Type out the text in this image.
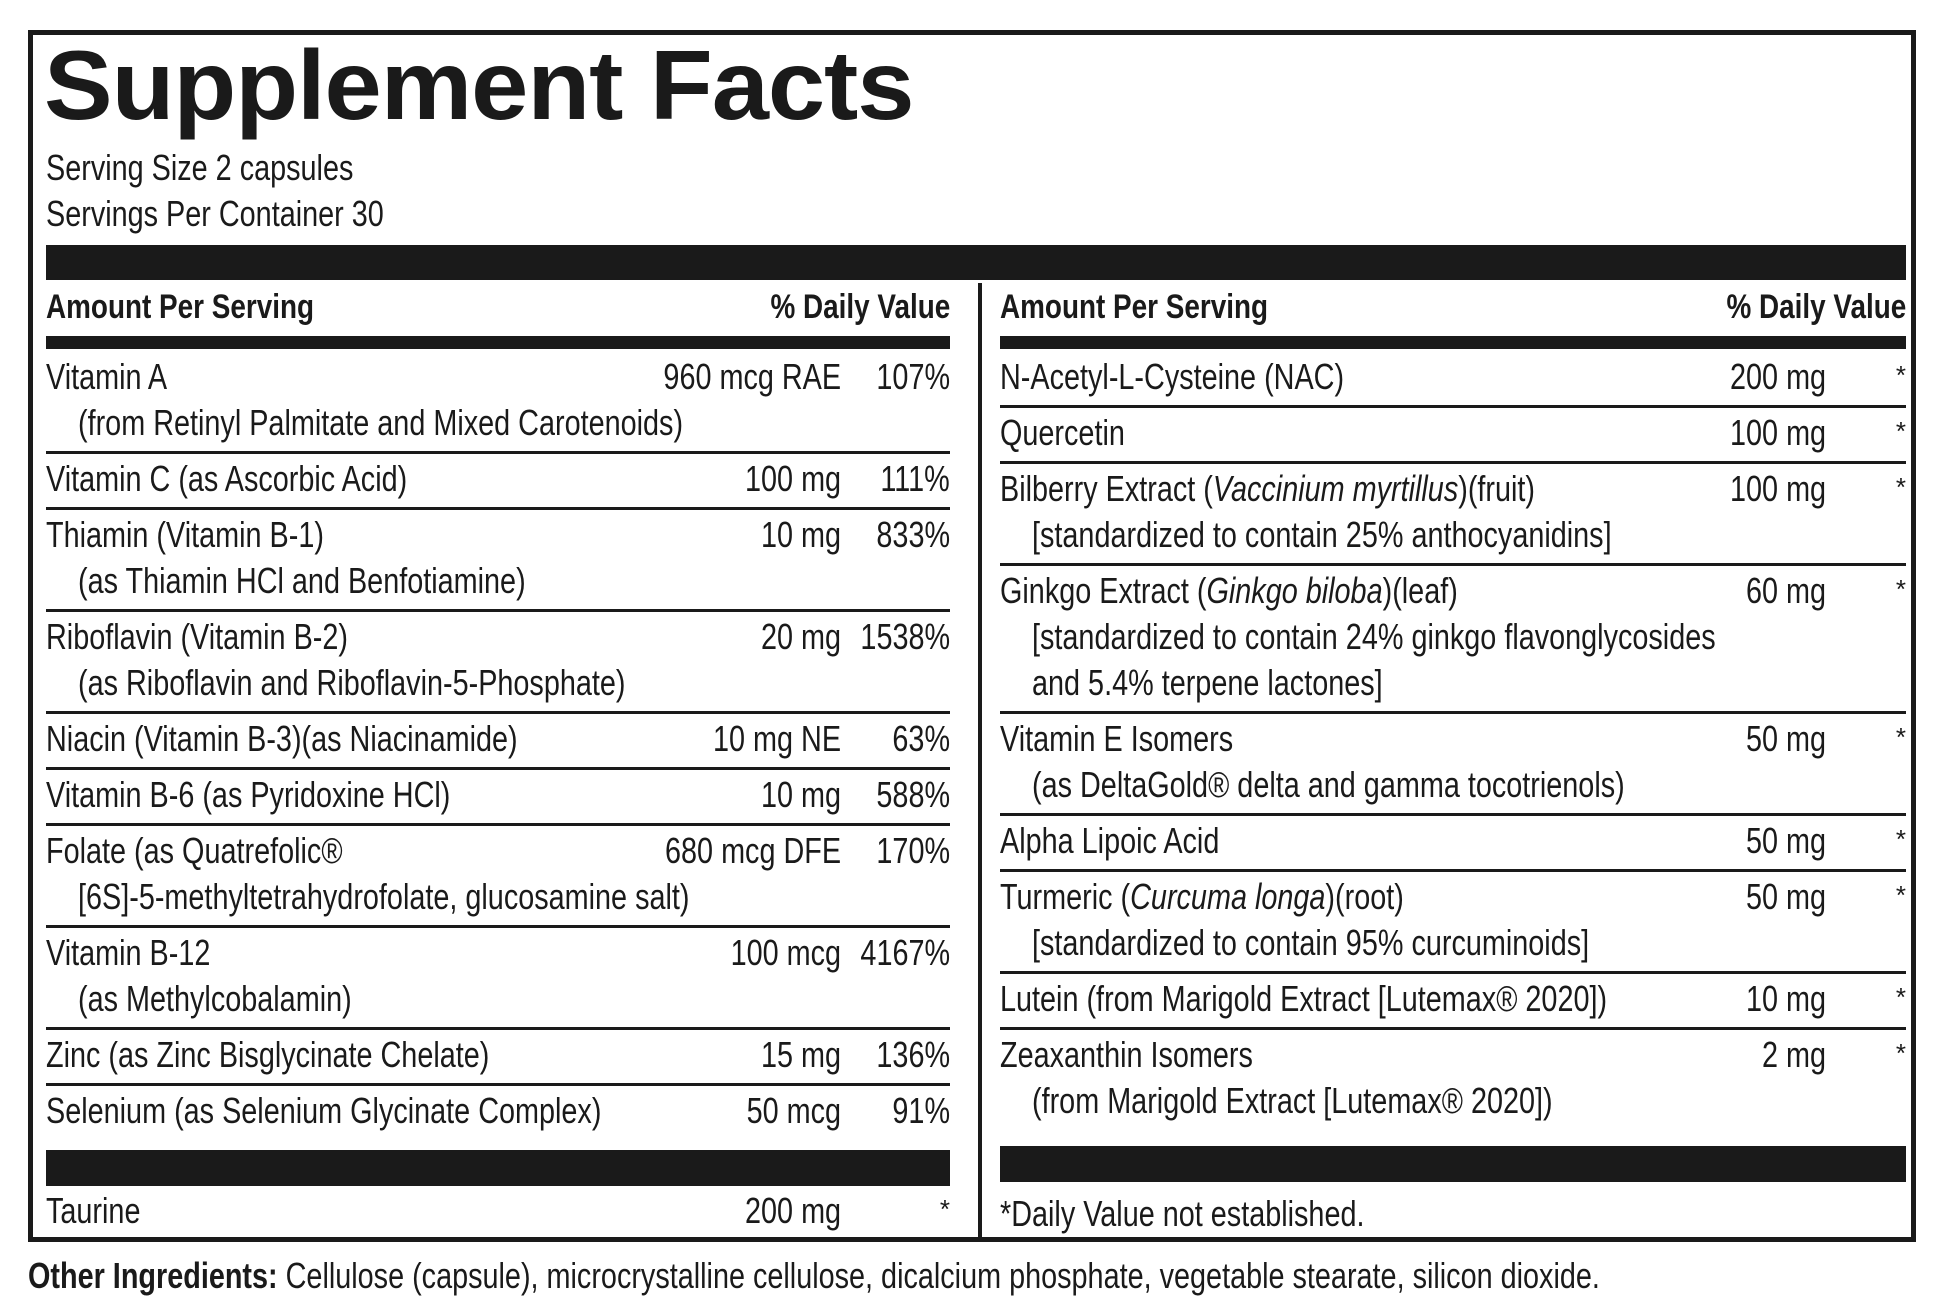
Supplement Facts
Serving Size 2 capsules
Servings Per Container 30
Amount Per Serving	% Daily Value
Vitamin A
(from Retinyl Palmitate and Mixed Carotenoids)
960 mcg RAE 107%
Vitamin C (as Ascorbic Acid)	100 mg 111%
Thiamin (Vitamin B-1)
(as Thiamin HCl and Benfotiamine)
10 mg 833%
Riboflavin (Vitamin B-2)
(as Riboflavin and Riboflavin-5-Phosphate)
20 mg 1538%
Niacin (Vitamin B-3)(as Niacinamide)	10 mg NE 63%
Vitamin B-6 (as Pyridoxine HCl)	10 mg 588%
Folate (as Quatrefolic®
[6S]-5-methyltetrahydrofolate, glucosamine salt)
680 mcg DFE 170%
Vitamin B-12
(as Methylcobalamin)
100 mcg 4167%
Zinc (as Zinc Bisglycinate Chelate)	15 mg 136%
Selenium (as Selenium Glycinate Complex)	50 mcg 91%
Taurine	200 mg	*
Amount Per Serving	% Daily Value
N-Acetyl-L-Cysteine (NAC)	200 mg	*
Quercetin	100 mg	*
Bilberry Extract (Vaccinium myrtillus)(fruit)
[standardized to contain 25% anthocyanidins]
100 mg	*
Ginkgo Extract (Ginkgo biloba)(leaf)
[standardized to contain 24% ginkgo flavonglycosides
and 5.4% terpene lactones]
60 mg	*
Vitamin E Isomers
(as DeltaGold® delta and gamma tocotrienols)
50 mg	*
Alpha Lipoic Acid	50 mg	*
Turmeric (Curcuma longa)(root)
[standardized to contain 95% curcuminoids]
50 mg	*
Lutein (from Marigold Extract [Lutemax® 2020])	10 mg	*
Zeaxanthin Isomers
(from Marigold Extract [Lutemax® 2020])
2 mg	*
*Daily Value not established.
Other Ingredients: Cellulose (capsule), microcrystalline cellulose, dicalcium phosphate, vegetable stearate, silicon dioxide.
